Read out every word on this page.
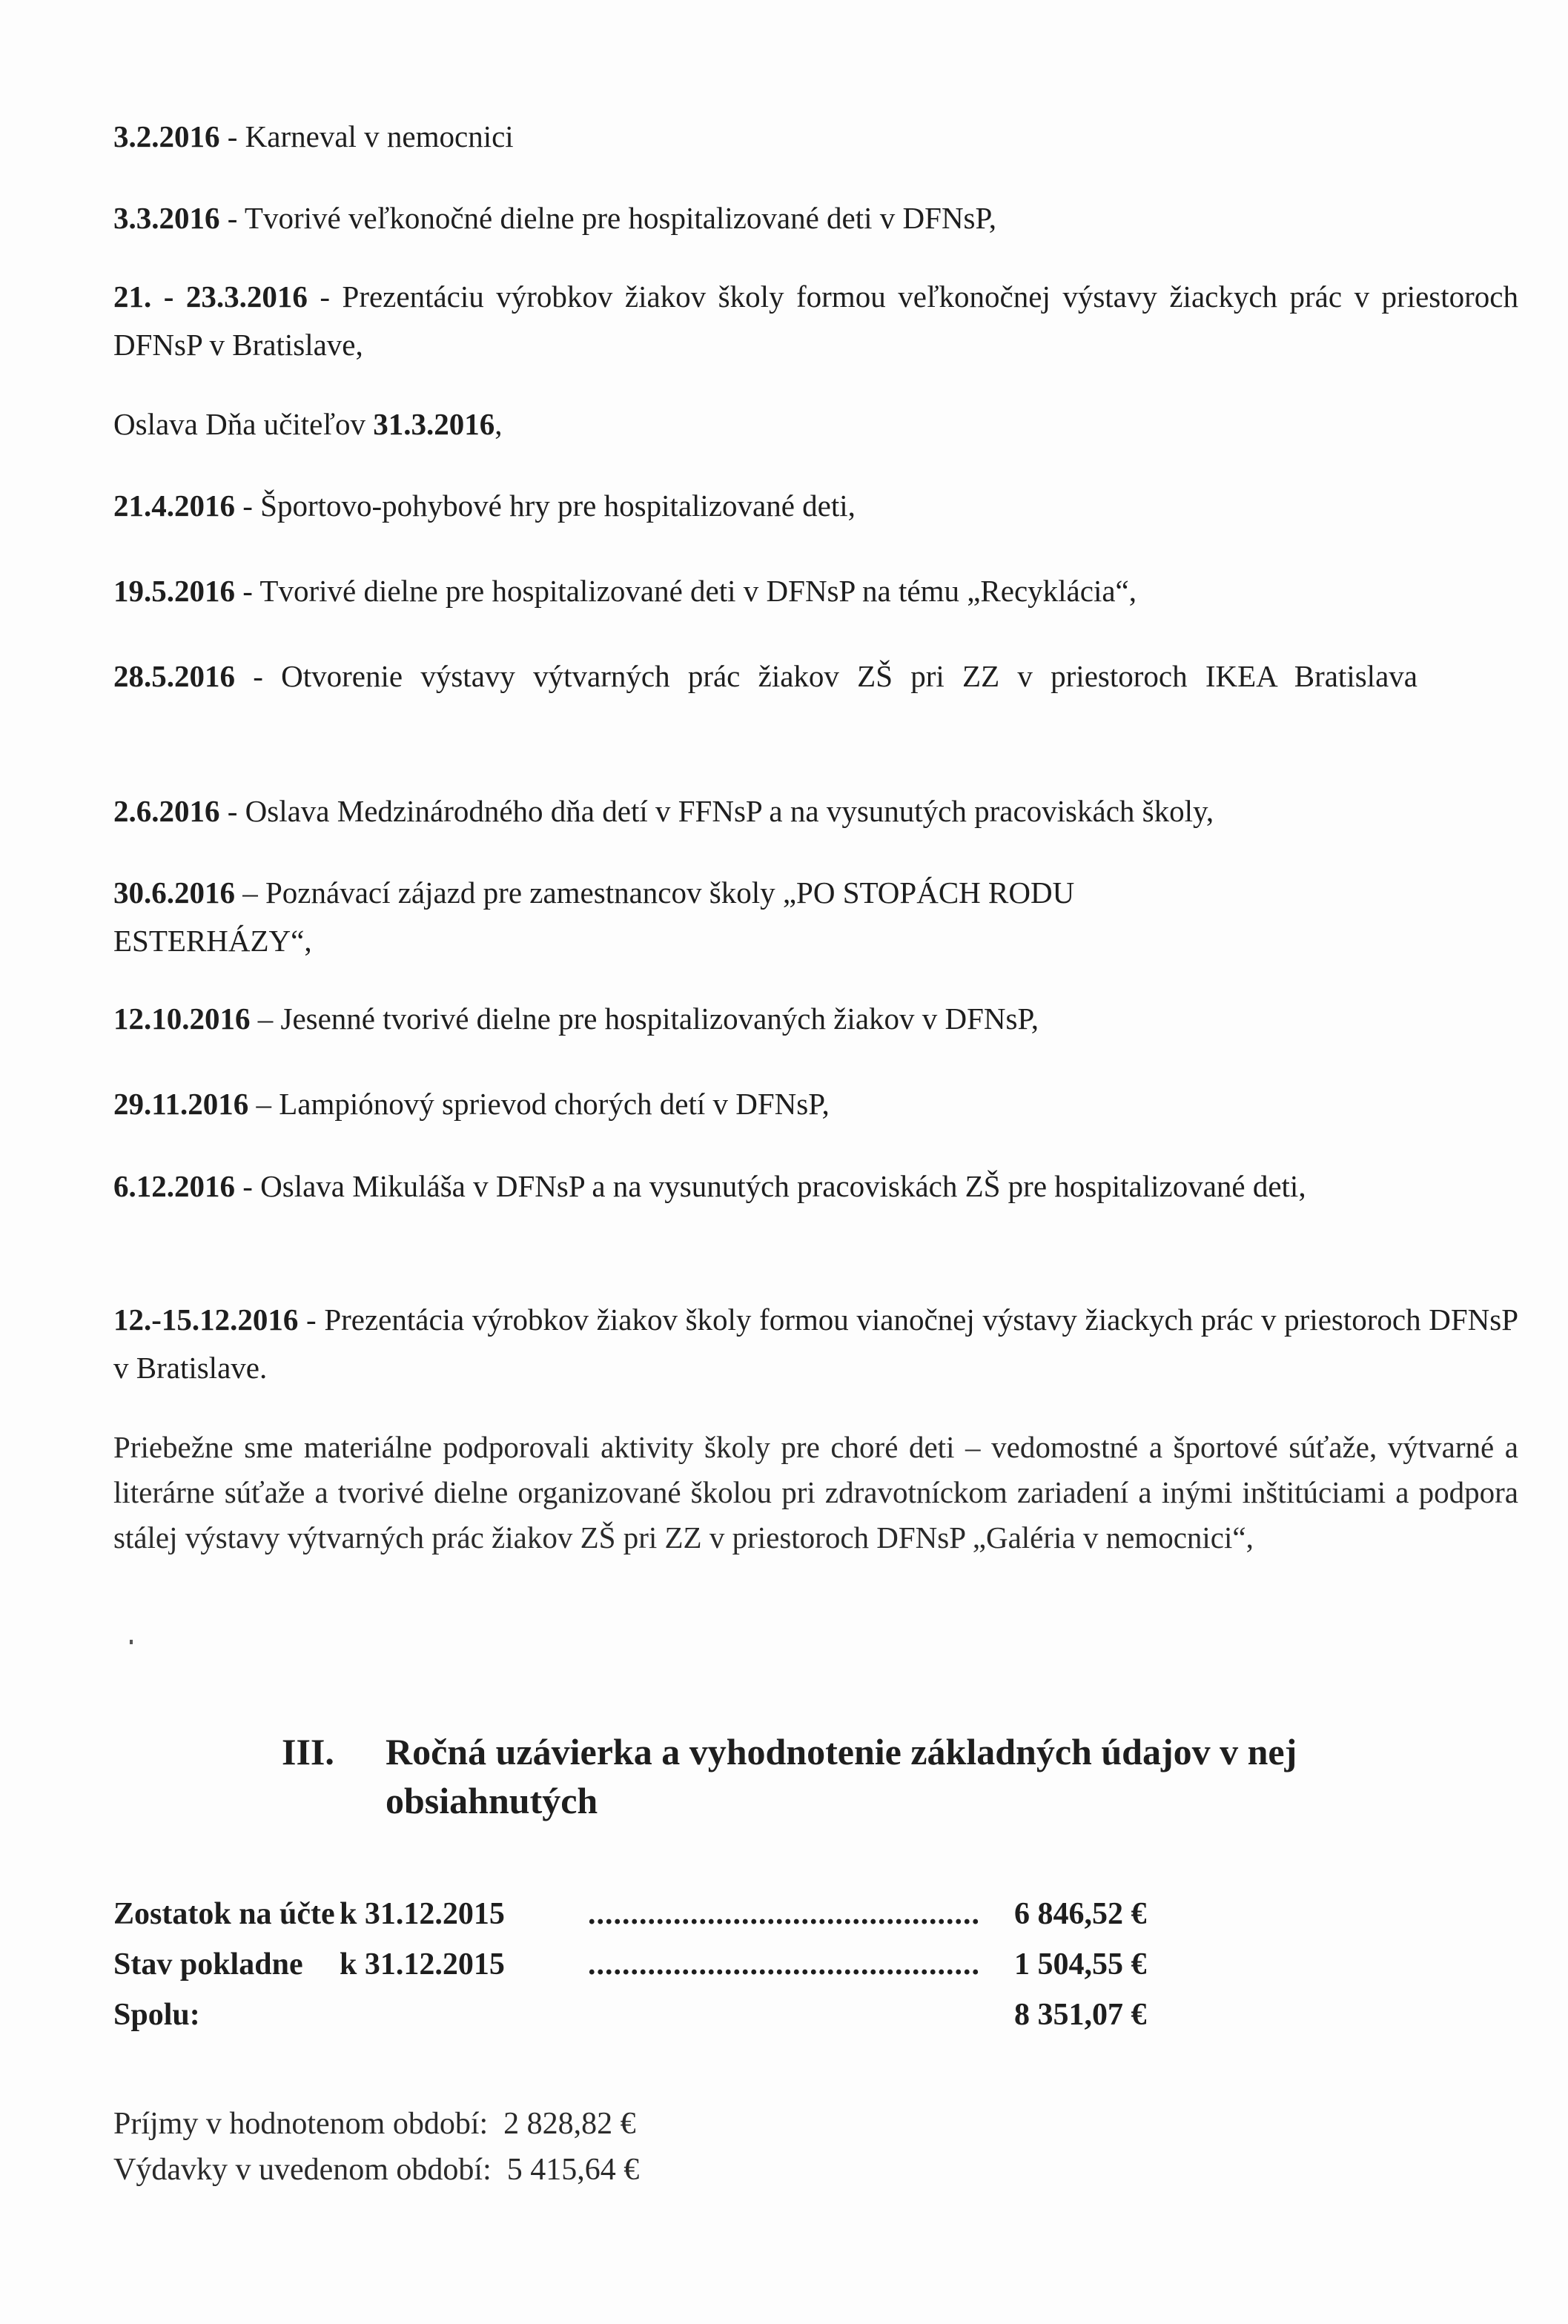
3.2.2016 - Karneval v nemocnici
3.3.2016 - Tvorivé veľkonočné dielne pre hospitalizované deti v DFNsP,
21. - 23.3.2016 - Prezentáciu výrobkov žiakov školy formou veľkonočnej výstavy žiackych prác v priestoroch DFNsP v Bratislave,
Oslava Dňa učiteľov 31.3.2016,
21.4.2016 - Športovo-pohybové hry pre hospitalizované deti,
19.5.2016 - Tvorivé dielne pre hospitalizované deti v DFNsP na tému „Recyklácia“,
28.5.2016 - Otvorenie výstavy výtvarných prác žiakov ZŠ pri ZZ v priestoroch IKEA Bratislava
2.6.2016 - Oslava Medzinárodného dňa detí v FFNsP a na vysunutých pracoviskách školy,
30.6.2016 – Poznávací zájazd pre zamestnancov školy „PO STOPÁCH RODU
ESTERHÁZY“,
12.10.2016 – Jesenné tvorivé dielne pre hospitalizovaných žiakov v DFNsP,
29.11.2016 – Lampiónový sprievod chorých detí v DFNsP,
6.12.2016 - Oslava Mikuláša v DFNsP a na vysunutých pracoviskách ZŠ pre hospitalizované deti,
12.-15.12.2016 - Prezentácia výrobkov žiakov školy formou vianočnej výstavy žiackych prác v priestoroch DFNsP v Bratislave.
Priebežne sme materiálne podporovali aktivity školy pre choré deti – vedomostné a športové súťaže, výtvarné a literárne súťaže a tvorivé dielne organizované školou pri zdravotníckom zariadení a inými inštitúciami a podpora stálej výstavy výtvarných prác žiakov ZŠ pri ZZ v priestoroch DFNsP „Galéria v nemocnici“,
III. Ročná uzávierka a vyhodnotenie základných údajov v nej obsiahnutých
Zostatok na účte k 31.12.2015	..............................................	6 846,52 €
Stav pokladne k 31.12.2015	..............................................	1 504,55 €
Spolu:	8 351,07 €
Príjmy v hodnotenom období: 2 828,82 €
Výdavky v uvedenom období: 5 415,64 €
